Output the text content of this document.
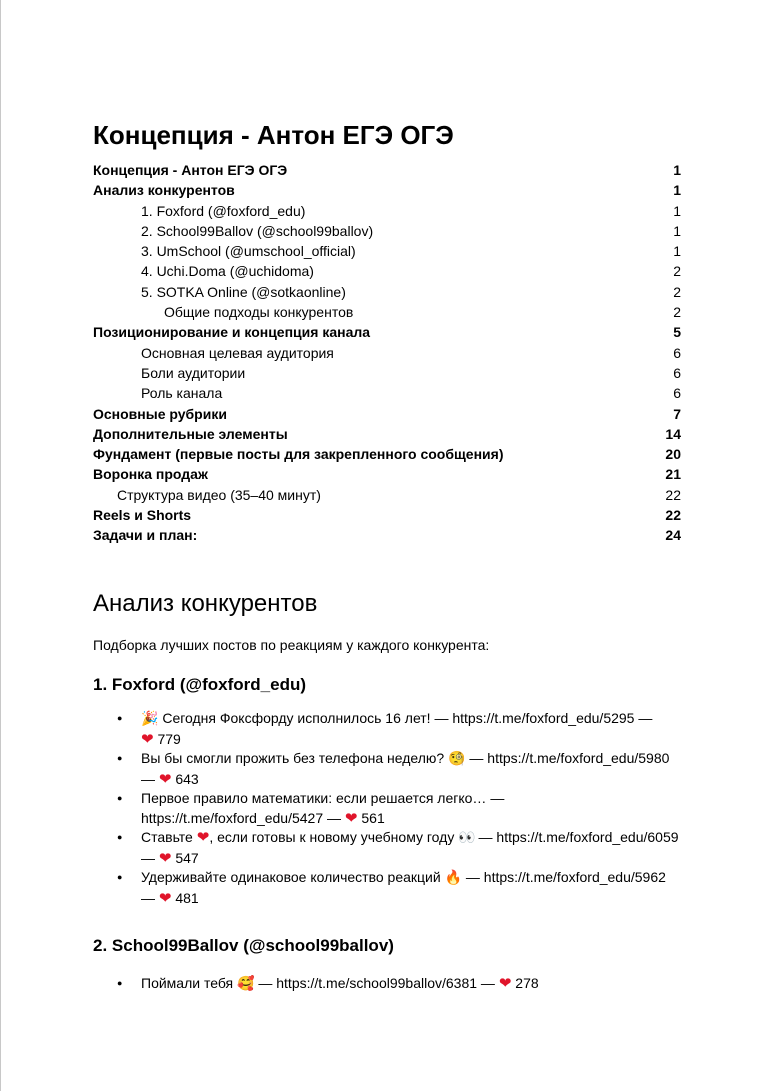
Концепция - Антон ЕГЭ ОГЭ
Концепция - Антон ЕГЭ ОГЭ	1
Анализ конкурентов	1
1. Foxford (@foxford_edu)	1
2. School99Ballov (@school99ballov)	1
3. UmSchool (@umschool_official)	1
4. Uchi.Doma (@uchidoma)	2
5. SOTKA Online (@sotkaonline)	2
Общие подходы конкурентов	2
Позиционирование и концепция канала	5
Основная целевая аудитория	6
Боли аудитории	6
Роль канала	6
Основные рубрики	7
Дополнительные элементы	14
Фундамент (первые посты для закрепленного сообщения)	20
Воронка продаж	21
Структура видео (35–40 минут)	22
Reels и Shorts	22
Задачи и план:	24
Анализ конкурентов

Подборка лучших постов по реакциям у каждого конкурента:

1. Foxford (@foxford_edu)
● 🎉 Сегодня Фоксфорду исполнилось 16 лет! — https://t.me/foxford_edu/5295 —
❤ 779
● Вы бы смогли прожить без телефона неделю? 🧐 — https://t.me/foxford_edu/5980 — ❤ 643
● Первое правило математики: если решается легко… — https://t.me/foxford_edu/5427 — ❤ 561
● Ставьте ❤, если готовы к новому учебному году 👀 — https://t.me/foxford_edu/6059 — ❤ 547
● Удерживайте одинаковое количество реакций 🔥 — https://t.me/foxford_edu/5962 — ❤ 481
2. School99Ballov (@school99ballov)
● Поймали тебя 🥰 — https://t.me/school99ballov/6381 — ❤ 278
